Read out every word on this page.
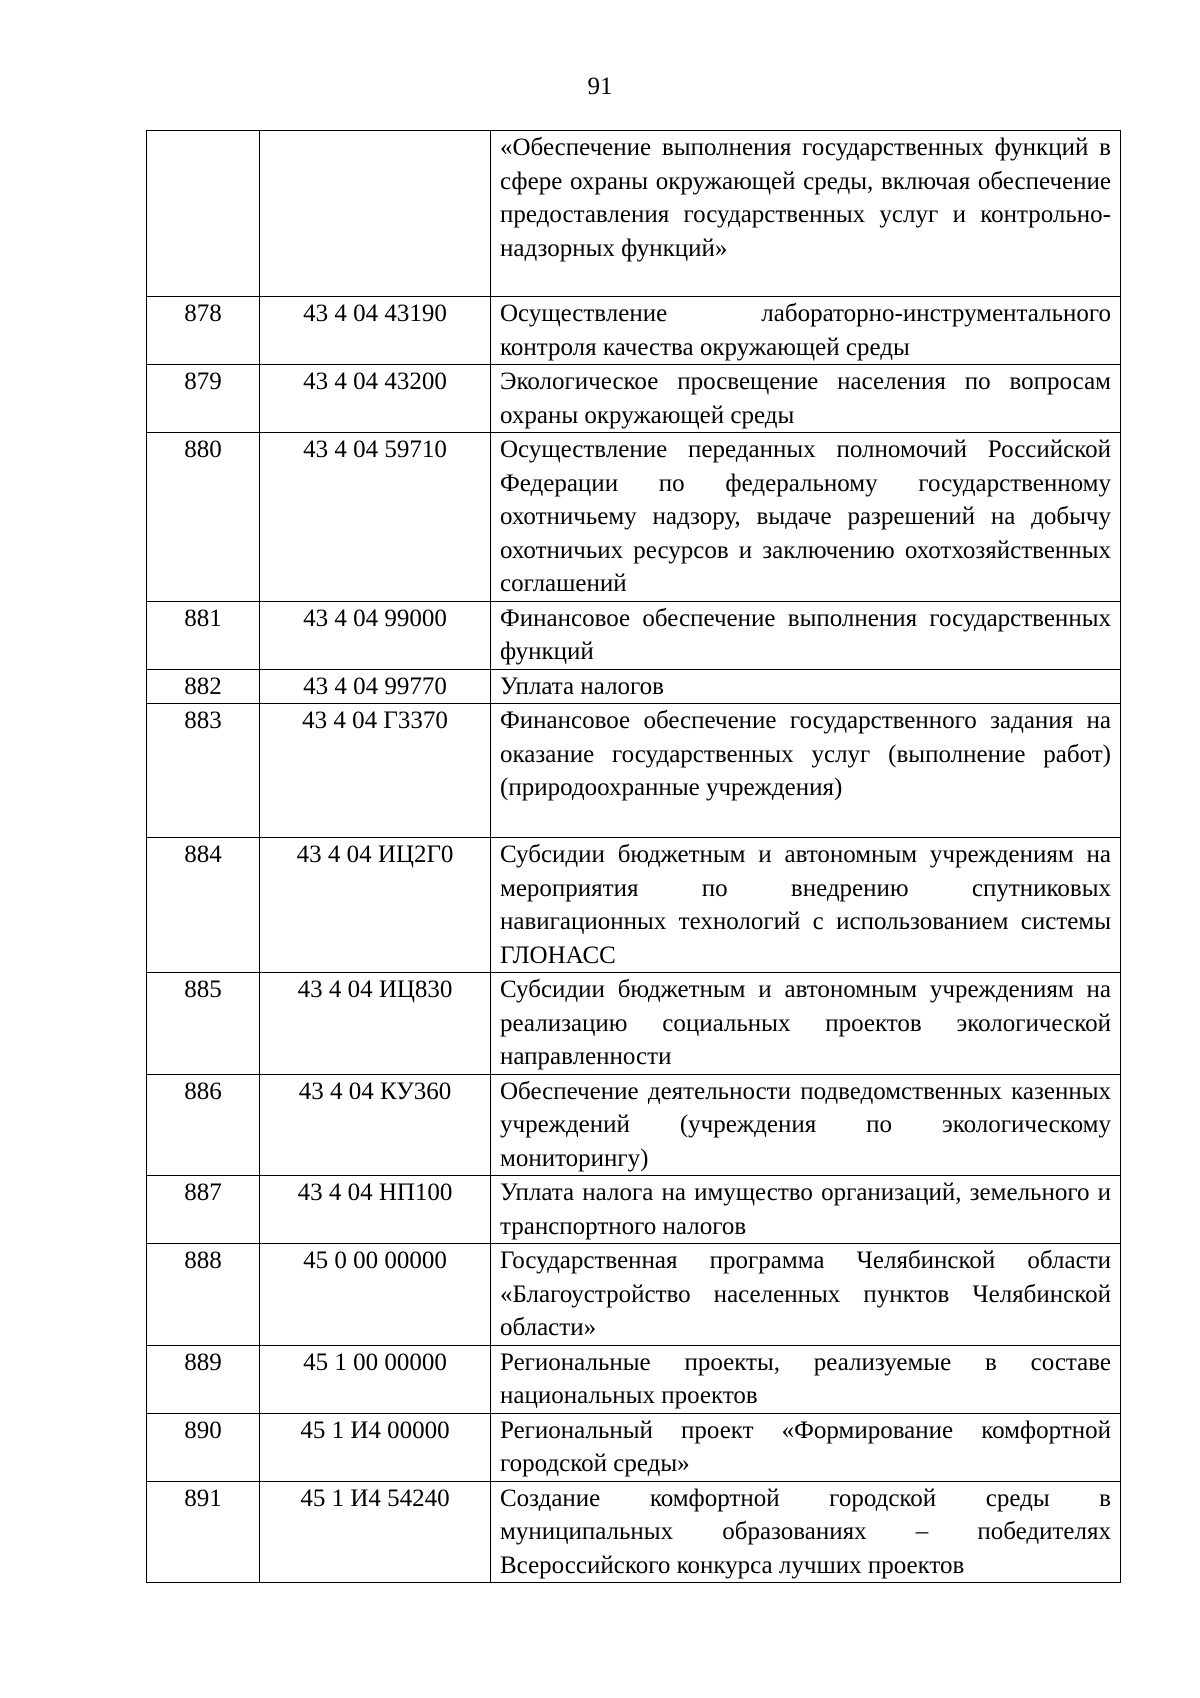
91

		«Обеспечение выполнения государственных функций в сфере охраны окружающей среды, включая обеспечение предоставления государственных услуг и контрольно-надзорных функций»

878	43 4 04 43190	Осуществление лабораторно-инструментального контроля качества окружающей среды

879	43 4 04 43200	Экологическое просвещение населения по вопросам охраны окружающей среды

880	43 4 04 59710	Осуществление переданных полномочий Российской Федерации по федеральному государственному охотничьему надзору, выдаче разрешений на добычу охотничьих ресурсов и заключению охотхозяйственных соглашений

881	43 4 04 99000	Финансовое обеспечение выполнения государственных функций

882	43 4 04 99770	Уплата налогов

883	43 4 04 Г3370	Финансовое обеспечение государственного задания на оказание государственных услуг (выполнение работ) (природоохранные учреждения)

884	43 4 04 ИЦ2Г0	Субсидии бюджетным и автономным учреждениям на мероприятия по внедрению спутниковых навигационных технологий с использованием системы ГЛОНАСС

885	43 4 04 ИЦ830	Субсидии бюджетным и автономным учреждениям на реализацию социальных проектов экологической направленности

886	43 4 04 КУ360	Обеспечение деятельности подведомственных казенных учреждений (учреждения по экологическому мониторингу)

887	43 4 04 НП100	Уплата налога на имущество организаций, земельного и транспортного налогов

888	45 0 00 00000	Государственная программа Челябинской области «Благоустройство населенных пунктов Челябинской области»

889	45 1 00 00000	Региональные проекты, реализуемые в составе национальных проектов

890	45 1 И4 00000	Региональный проект «Формирование комфортной городской среды»

891	45 1 И4 54240	Создание комфортной городской среды в муниципальных образованиях – победителях Всероссийского конкурса лучших проектов
